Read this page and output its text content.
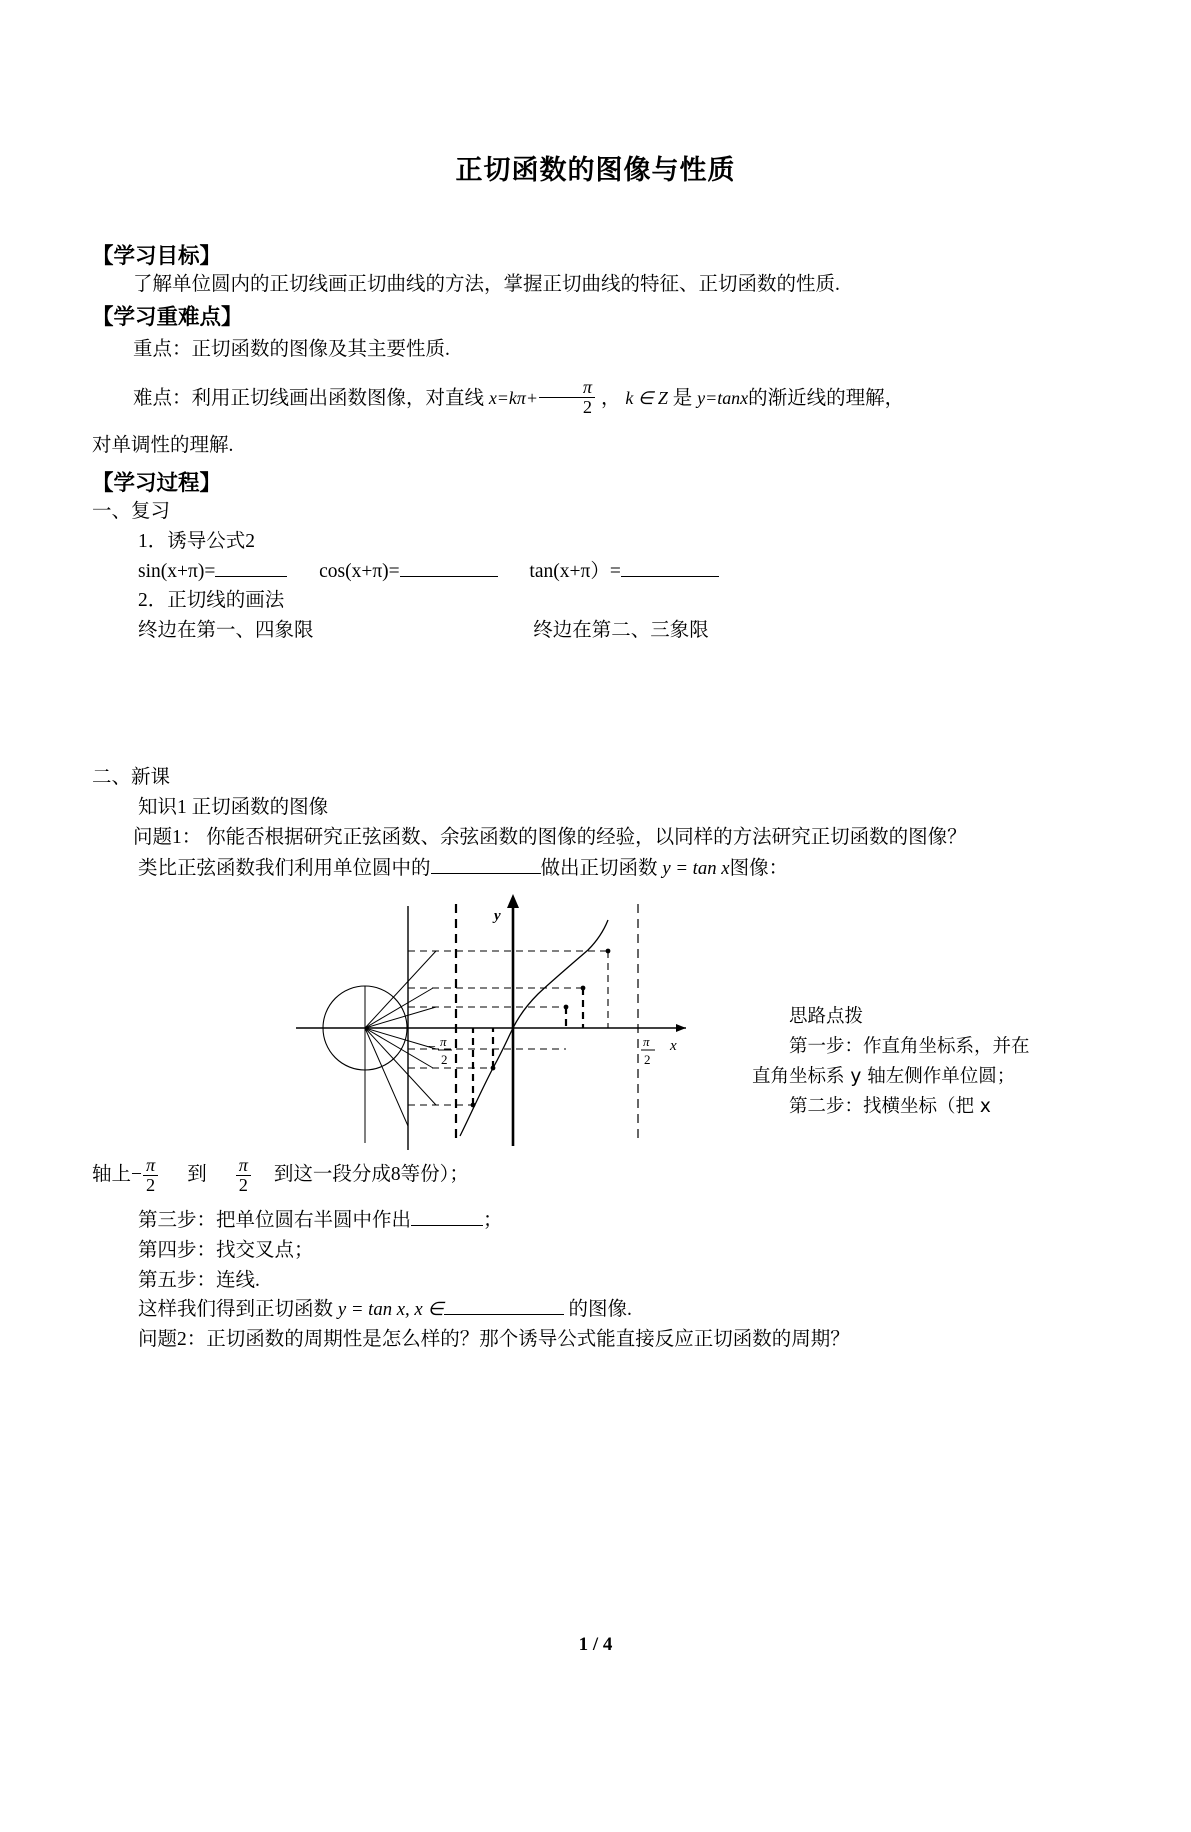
正切函数的图像与性质
【学习目标】
了解单位圆内的正切线画正切曲线的方法，掌握正切曲线的特征、正切函数的性质.
【学习重难点】
重点：正切函数的图像及其主要性质.
难点：利用正切线画出函数图像，对直线 $x=k\pi+ \frac{\pi}{2}$ ， k ∈ Z 是 y=tanx的渐近线的理解，
对单调性的理解.
【学习过程】
一、复习
1．诱导公式2
sin(x+π)=	cos(x+π)=	tan(x+π）=
2．正切线的画法
终边在第一、四象限	终边在第二、三象限
二、新课
知识1 正切函数的图像
问题1： 你能否根据研究正弦函数、余弦函数的图像的经验，以同样的方法研究正切函数的图像？
类比正弦函数我们利用单位圆中的	做出正切函数 y = tan x图像：
y
x
− π
2
π
2
思路点拨
第一步：作直角坐标系，并在直角坐标系 y 轴左侧作单位圆；
第二步：找横坐标（把 x
轴上 − $\frac{\pi}{2}$ 到 $\frac{\pi}{2}$ 到这一段分成8等份）；
第三步：把单位圆右半圆中作出	；
第四步：找交叉点；
第五步：连线.
这样我们得到正切函数 y = tan x, x ∈	的图像.
问题2：正切函数的周期性是怎么样的？那个诱导公式能直接反应正切函数的周期？
1 / 4
